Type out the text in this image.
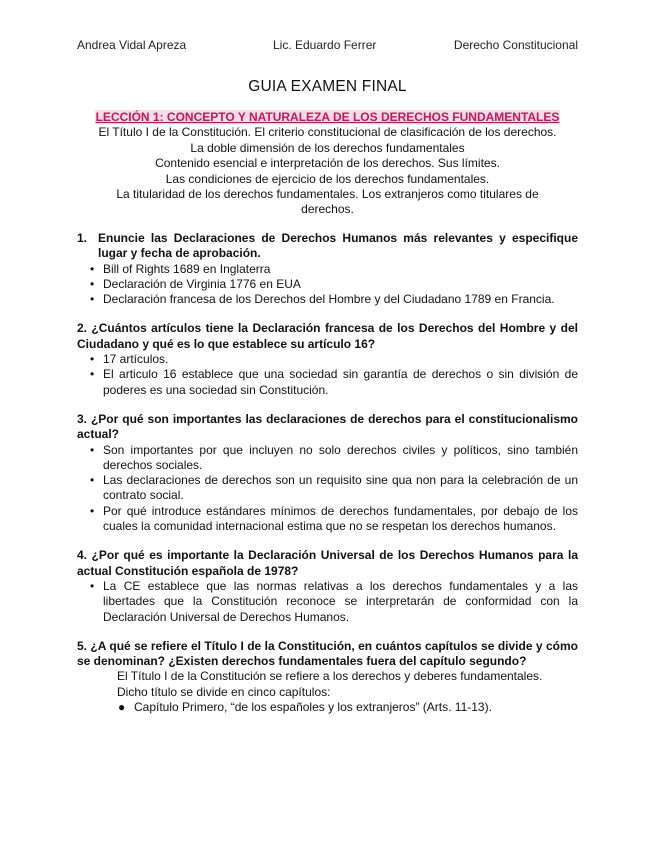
Andrea Vidal Apreza	Lic. Eduardo Ferrer	Derecho Constitucional
GUIA EXAMEN FINAL
LECCIÓN 1: CONCEPTO Y NATURALEZA DE LOS DERECHOS FUNDAMENTALES
El Título I de la Constitución. El criterio constitucional de clasificación de los derechos.
La doble dimensión de los derechos fundamentales
Contenido esencial e interpretación de los derechos. Sus límites.
Las condiciones de ejercicio de los derechos fundamentales.
La titularidad de los derechos fundamentales. Los extranjeros como titulares de derechos.
1. Enuncie las Declaraciones de Derechos Humanos más relevantes y especifique lugar y fecha de aprobación.
• Bill of Rights 1689 en Inglaterra
• Declaración de Virginia 1776 en EUA
• Declaración francesa de los Derechos del Hombre y del Ciudadano 1789 en Francia.

2. ¿Cuántos artículos tiene la Declaración francesa de los Derechos del Hombre y del Ciudadano y qué es lo que establece su artículo 16?

• 17 artículos.
• El articulo 16 establece que una sociedad sin garantía de derechos o sin división de poderes es una sociedad sin Constitución.

3. ¿Por qué son importantes las declaraciones de derechos para el constitucionalismo actual?

• Son importantes por que incluyen no solo derechos civiles y políticos, sino también derechos sociales.
• Las declaraciones de derechos son un requisito sine qua non para la celebración de un contrato social.
• Por qué introduce estándares mínimos de derechos fundamentales, por debajo de los cuales la comunidad internacional estima que no se respetan los derechos humanos.

4. ¿Por qué es importante la Declaración Universal de los Derechos Humanos para la actual Constitución española de 1978?

• La CE establece que las normas relativas a los derechos fundamentales y a las libertades que la Constitución reconoce se interpretarán de conformidad con la Declaración Universal de Derechos Humanos.

5. ¿A qué se refiere el Título I de la Constitución, en cuántos capítulos se divide y cómo se denominan? ¿Existen derechos fundamentales fuera del capítulo segundo?

El Título I de la Constitución se refiere a los derechos y deberes fundamentales.
Dicho título se divide en cinco capítulos:
● Capítulo Primero, “de los españoles y los extranjeros” (Arts. 11-13).
